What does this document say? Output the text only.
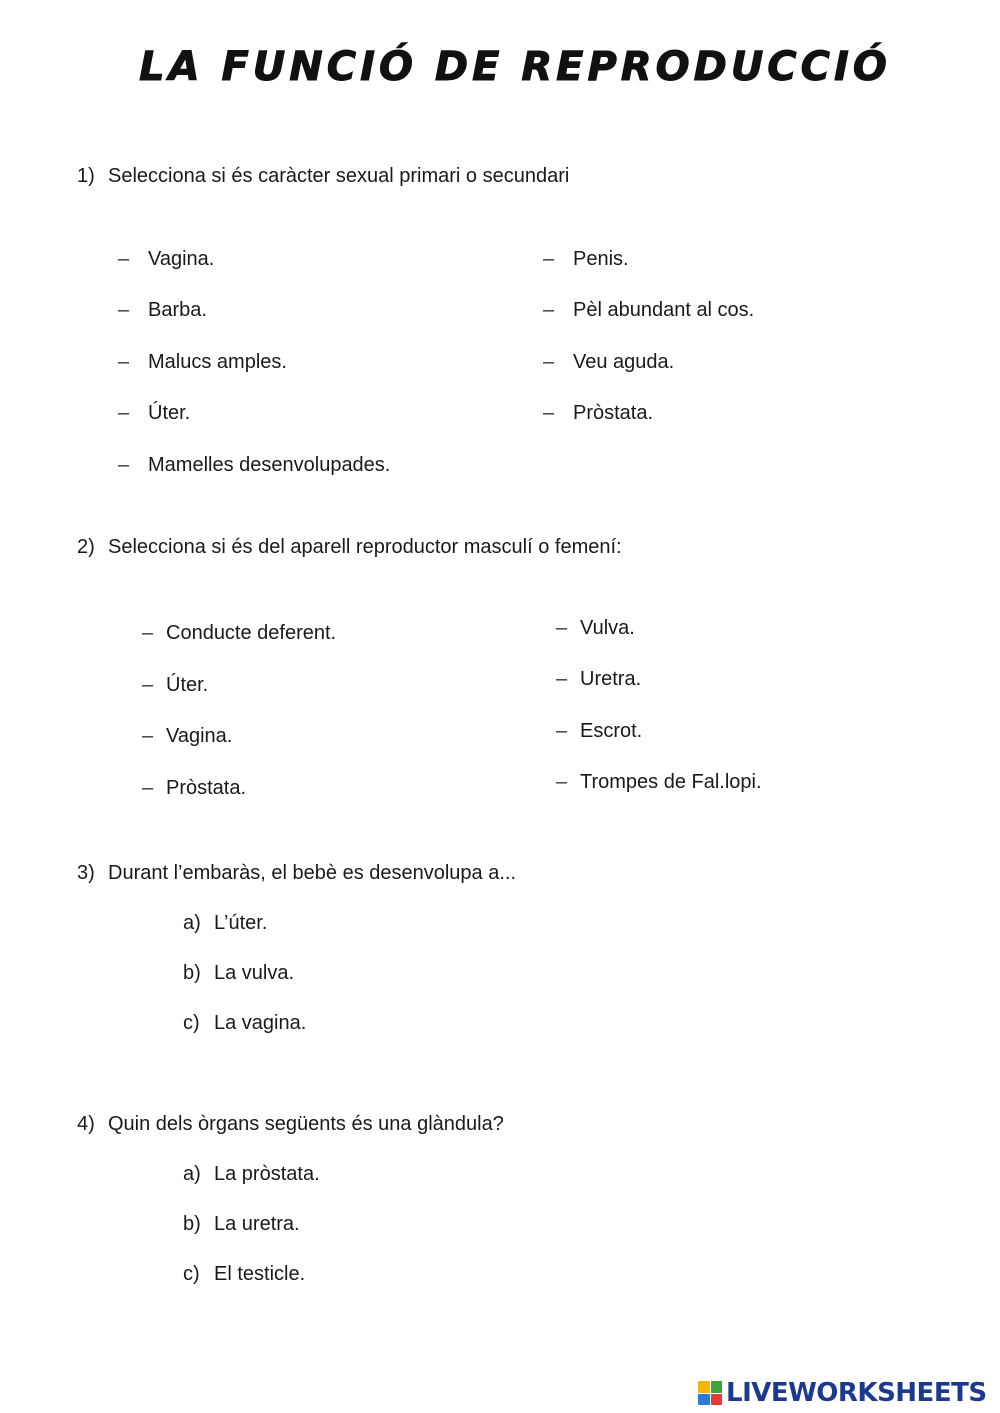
LA FUNCIÓ DE REPRODUCCIÓ
1) Selecciona si és caràcter sexual primari o secundari
– Vagina.
– Barba.
– Malucs amples.
– Úter.
– Mamelles desenvolupades.
– Penis.
– Pèl abundant al cos.
– Veu aguda.
– Pròstata.
2) Selecciona si és del aparell reproductor masculí o femení:
– Conducte deferent.
– Úter.
– Vagina.
– Pròstata.
– Vulva.
– Uretra.
– Escrot.
– Trompes de Fal.lopi.
3) Durant l’embaràs, el bebè es desenvolupa a...
a) L’úter.
b) La vulva.
c) La vagina.
4) Quin dels òrgans següents és una glàndula?
a) La pròstata.
b) La uretra.
c) El testicle.
LIVEWORKSHEETS
